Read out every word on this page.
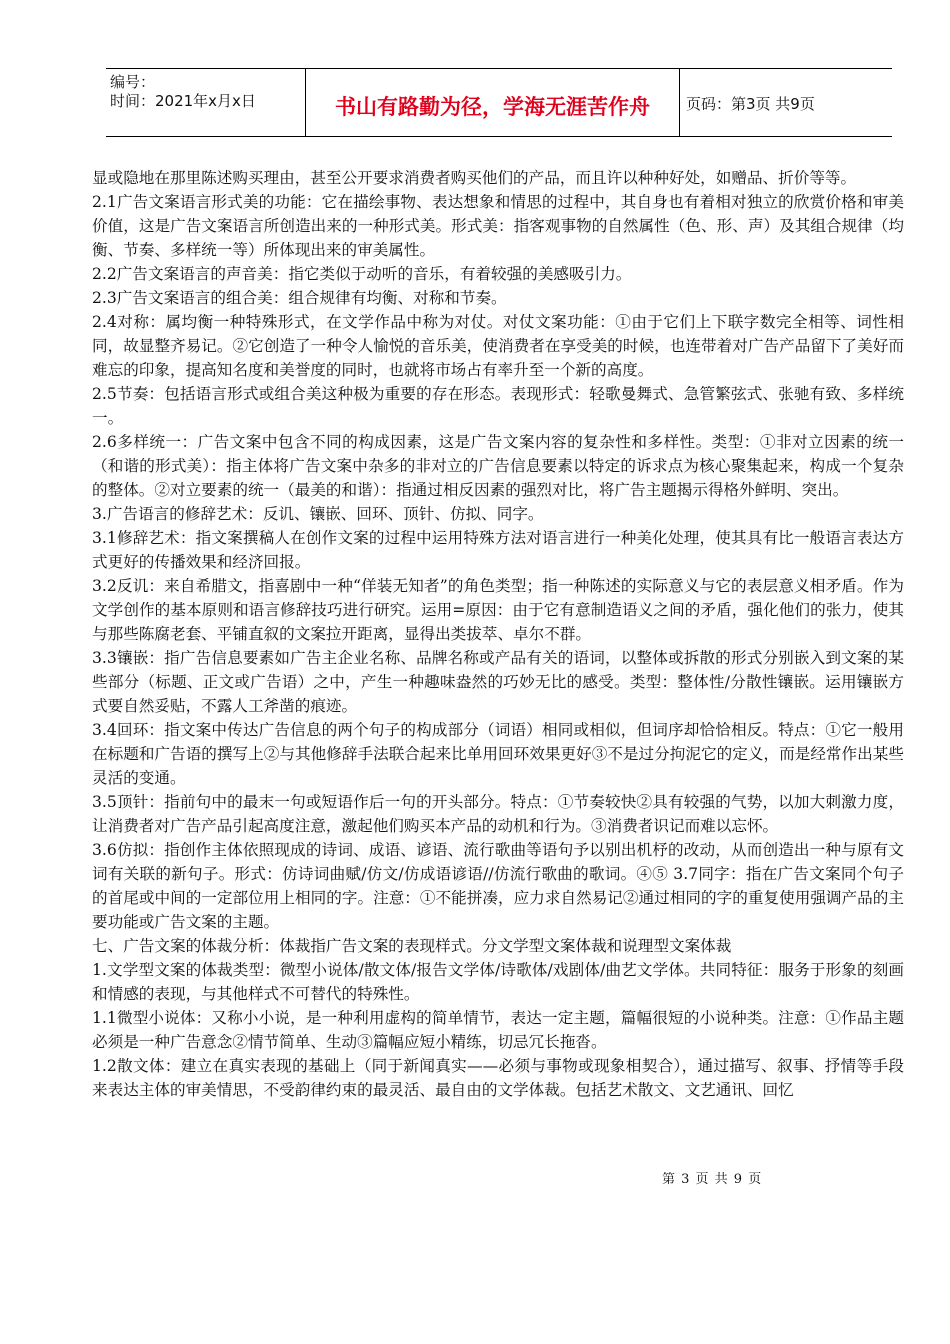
编号：
时间：2021年x月x日	书山有路勤为径，学海无涯苦作舟	页码：第3页 共9页

显或隐地在那里陈述购买理由，甚至公开要求消费者购买他们的产品，而且许以种种好处，如赠品、折价等等。

2.1广告文案语言形式美的功能：它在描绘事物、表达想象和情思的过程中，其自身也有着相对独立的欣赏价格和审美价值，这是广告文案语言所创造出来的一种形式美。形式美：指客观事物的自然属性（色、形、声）及其组合规律（均衡、节奏、多样统一等）所体现出来的审美属性。

2.2广告文案语言的声音美：指它类似于动听的音乐，有着较强的美感吸引力。

2.3广告文案语言的组合美：组合规律有均衡、对称和节奏。

2.4对称：属均衡一种特殊形式，在文学作品中称为对仗。对仗文案功能：①由于它们上下联字数完全相等、词性相同，故显整齐易记。②它创造了一种令人愉悦的音乐美，使消费者在享受美的时候，也连带着对广告产品留下了美好而难忘的印象，提高知名度和美誉度的同时，也就将市场占有率升至一个新的高度。

2.5节奏：包括语言形式或组合美这种极为重要的存在形态。表现形式：轻歌曼舞式、急管繁弦式、张驰有致、多样统一。

2.6多样统一：广告文案中包含不同的构成因素，这是广告文案内容的复杂性和多样性。类型：①非对立因素的统一（和谐的形式美）：指主体将广告文案中杂多的非对立的广告信息要素以特定的诉求点为核心聚集起来，构成一个复杂的整体。②对立要素的统一（最美的和谐）：指通过相反因素的强烈对比，将广告主题揭示得格外鲜明、突出。

3.广告语言的修辞艺术：反讥、镶嵌、回环、顶针、仿拟、同字。

3.1修辞艺术：指文案撰稿人在创作文案的过程中运用特殊方法对语言进行一种美化处理，使其具有比一般语言表达方式更好的传播效果和经济回报。

3.2反讥：来自希腊文，指喜剧中一种“佯装无知者”的角色类型；指一种陈述的实际意义与它的表层意义相矛盾。作为文学创作的基本原则和语言修辞技巧进行研究。运用=原因：由于它有意制造语义之间的矛盾，强化他们的张力，使其与那些陈腐老套、平铺直叙的文案拉开距离，显得出类拔萃、卓尔不群。

3.3镶嵌：指广告信息要素如广告主企业名称、品牌名称或产品有关的语词，以整体或拆散的形式分别嵌入到文案的某些部分（标题、正文或广告语）之中，产生一种趣味盎然的巧妙无比的感受。类型：整体性/分散性镶嵌。运用镶嵌方式要自然妥贴，不露人工斧凿的痕迹。

3.4回环：指文案中传达广告信息的两个句子的构成部分（词语）相同或相似，但词序却恰恰相反。特点：①它一般用在标题和广告语的撰写上②与其他修辞手法联合起来比单用回环效果更好③不是过分拘泥它的定义，而是经常作出某些灵活的变通。

3.5顶针：指前句中的最末一句或短语作后一句的开头部分。特点：①节奏较快②具有较强的气势，以加大刺激力度，让消费者对广告产品引起高度注意，激起他们购买本产品的动机和行为。③消费者识记而难以忘怀。

3.6仿拟：指创作主体依照现成的诗词、成语、谚语、流行歌曲等语句予以别出机杼的改动，从而创造出一种与原有文词有关联的新句子。形式：仿诗词曲赋/仿文/仿成语谚语//仿流行歌曲的歌词。④⑤ 3.7同字：指在广告文案同个句子的首尾或中间的一定部位用上相同的字。注意：①不能拼凑，应力求自然易记②通过相同的字的重复使用强调产品的主要功能或广告文案的主题。

七、广告文案的体裁分析：体裁指广告文案的表现样式。分文学型文案体裁和说理型文案体裁

1.文学型文案的体裁类型：微型小说体/散文体/报告文学体/诗歌体/戏剧体/曲艺文学体。共同特征：服务于形象的刻画和情感的表现，与其他样式不可替代的特殊性。

1.1微型小说体：又称小小说，是一种利用虚构的简单情节，表达一定主题，篇幅很短的小说种类。注意：①作品主题必须是一种广告意念②情节简单、生动③篇幅应短小精练，切忌冗长拖沓。

1.2散文体：建立在真实表现的基础上（同于新闻真实——必须与事物或现象相契合），通过描写、叙事、抒情等手段来表达主体的审美情思，不受韵律约束的最灵活、最自由的文学体裁。包括艺术散文、文艺通讯、回忆

第 3 页 共 9 页
